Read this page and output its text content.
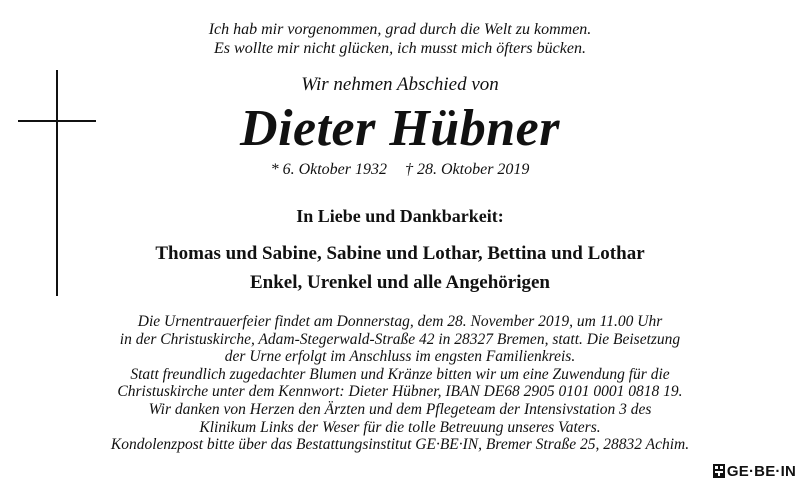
Ich hab mir vorgenommen, grad durch die Welt zu kommen.
Es wollte mir nicht glücken, ich musst mich öfters bücken.
Wir nehmen Abschied von
Dieter Hübner
* 6. Oktober 1932 † 28. Oktober 2019
In Liebe und Dankbarkeit:
Thomas und Sabine, Sabine und Lothar, Bettina und Lothar
Enkel, Urenkel und alle Angehörigen
Die Urnentrauerfeier findet am Donnerstag, dem 28. November 2019, um 11.00 Uhr
in der Christuskirche, Adam-Stegerwald-Straße 42 in 28327 Bremen, statt. Die Beisetzung
der Urne erfolgt im Anschluss im engsten Familienkreis.
Statt freundlich zugedachter Blumen und Kränze bitten wir um eine Zuwendung für die
Christuskirche unter dem Kennwort: Dieter Hübner, IBAN DE68 2905 0101 0001 0818 19.
Wir danken von Herzen den Ärzten und dem Pflegeteam der Intensivstation 3 des
Klinikum Links der Weser für die tolle Betreuung unseres Vaters.
Kondolenzpost bitte über das Bestattungsinstitut GE·BE·IN, Bremer Straße 25, 28832 Achim.
GE·BE·IN
